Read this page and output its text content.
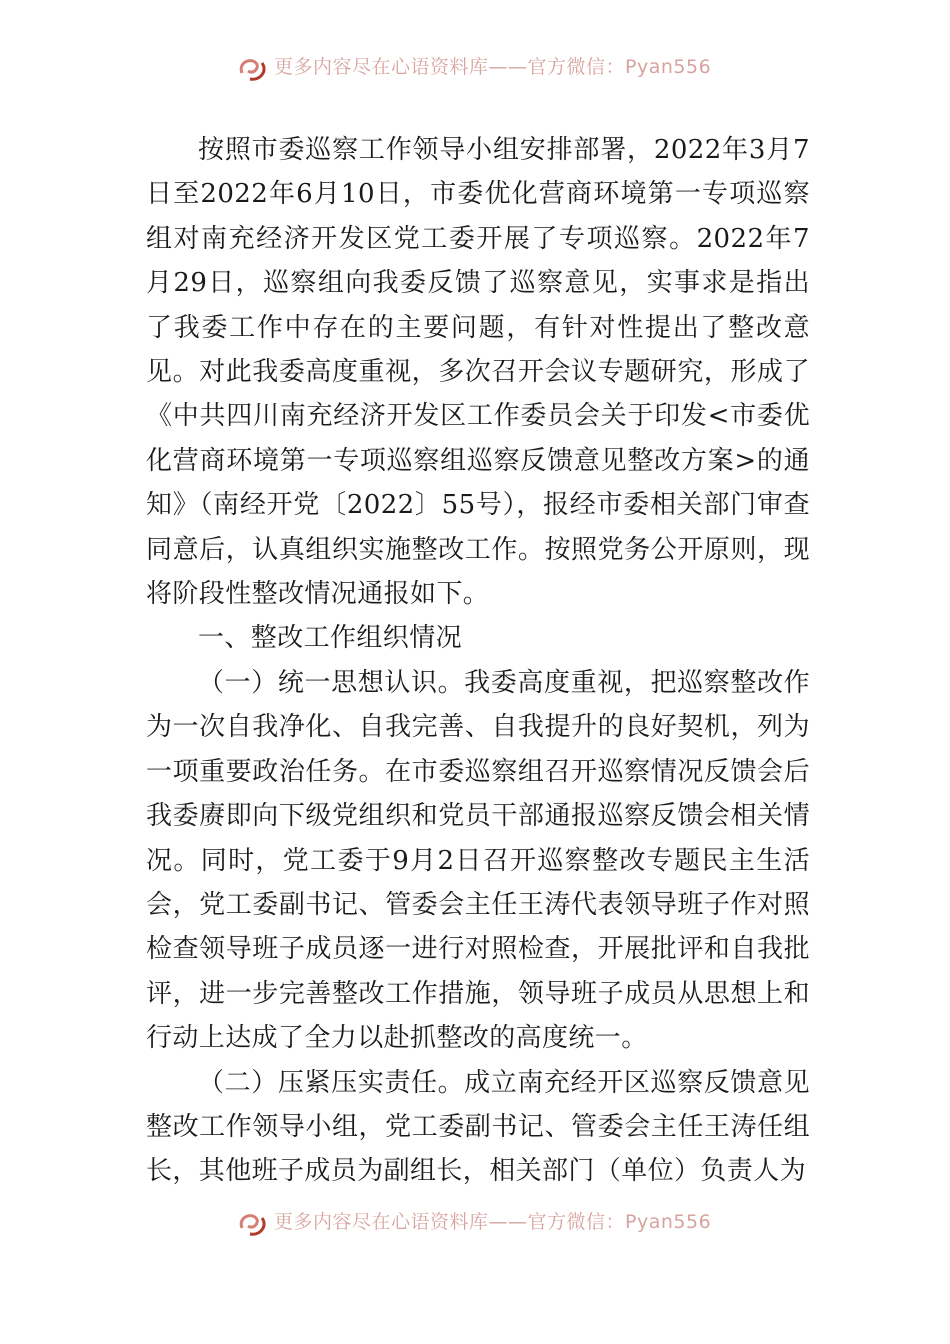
更多内容尽在心语资料库——官方微信：Pyan556

按照市委巡察工作领导小组安排部署，2022年3月7日至2022年6月10日，市委优化营商环境第一专项巡察组对南充经济开发区党工委开展了专项巡察。2022年7月29日，巡察组向我委反馈了巡察意见，实事求是指出了我委工作中存在的主要问题，有针对性提出了整改意见。对此我委高度重视，多次召开会议专题研究，形成了《中共四川南充经济开发区工作委员会关于印发<市委优化营商环境第一专项巡察组巡察反馈意见整改方案>的通知》（南经开党〔2022〕55号），报经市委相关部门审查同意后，认真组织实施整改工作。按照党务公开原则，现将阶段性整改情况通报如下。

一、整改工作组织情况

（一）统一思想认识。我委高度重视，把巡察整改作为一次自我净化、自我完善、自我提升的良好契机，列为一项重要政治任务。在市委巡察组召开巡察情况反馈会后我委赓即向下级党组织和党员干部通报巡察反馈会相关情况。同时，党工委于9月2日召开巡察整改专题民主生活会，党工委副书记、管委会主任王涛代表领导班子作对照检查领导班子成员逐一进行对照检查，开展批评和自我批评，进一步完善整改工作措施，领导班子成员从思想上和行动上达成了全力以赴抓整改的高度统一。

（二）压紧压实责任。成立南充经开区巡察反馈意见整改工作领导小组，党工委副书记、管委会主任王涛任组长，其他班子成员为副组长，相关部门（单位）负责人为

更多内容尽在心语资料库——官方微信：Pyan556
